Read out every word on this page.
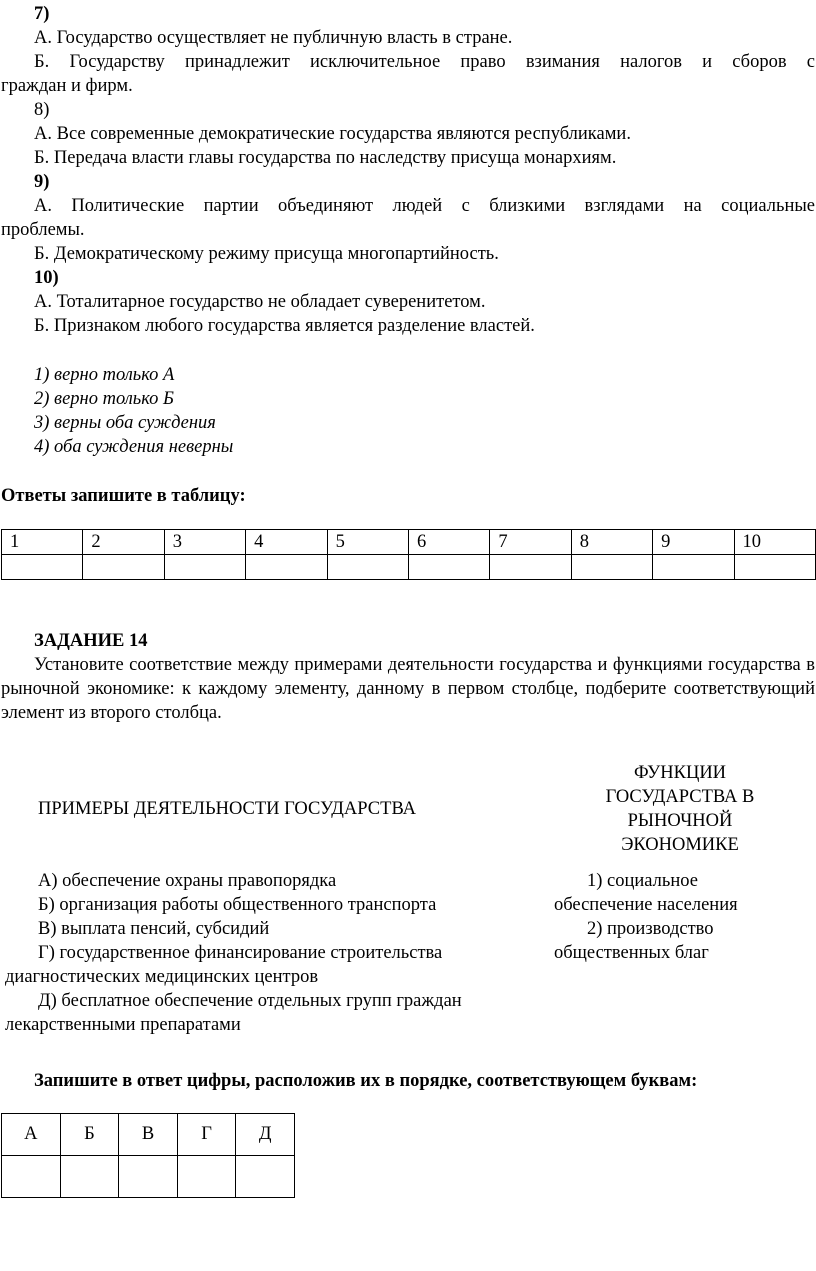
7)
А. Государство осуществляет не публичную власть в стране.
Б. Государству принадлежит исключительное право взимания налогов и сборов с
граждан и фирм.
8)
А. Все современные демократические государства являются республиками.
Б. Передача власти главы государства по наследству присуща монархиям.
9)
А. Политические партии объединяют людей с близкими взглядами на социальные
проблемы.
Б. Демократическому режиму присуща многопартийность.
10)
А. Тоталитарное государство не обладает суверенитетом.
Б. Признаком любого государства является разделение властей.
1) верно только А
2) верно только Б
3) верны оба суждения
4) оба суждения неверны
Ответы запишите в таблицу:
1	2	3	4	5	6	7	8	9	10

ЗАДАНИЕ 14
Установите соответствие между примерами деятельности государства и функциями государства в рыночной экономике: к каждому элементу, данному в первом столбце, подберите соответствующий элемент из второго столбца.
ПРИМЕРЫ ДЕЯТЕЛЬНОСТИ ГОСУДАРСТВА
ФУНКЦИИ ГОСУДАРСТВА В РЫНОЧНОЙ ЭКОНОМИКЕ
А) обеспечение охраны правопорядка
Б) организация работы общественного транспорта
В) выплата пенсий, субсидий
Г) государственное финансирование строительства
диагностических медицинских центров
Д) бесплатное обеспечение отдельных групп граждан
лекарственными препаратами
1) социальное
обеспечение населения
2) производство
общественных благ
Запишите в ответ цифры, расположив их в порядке, соответствующем буквам:
А	Б	В	Г	Д
